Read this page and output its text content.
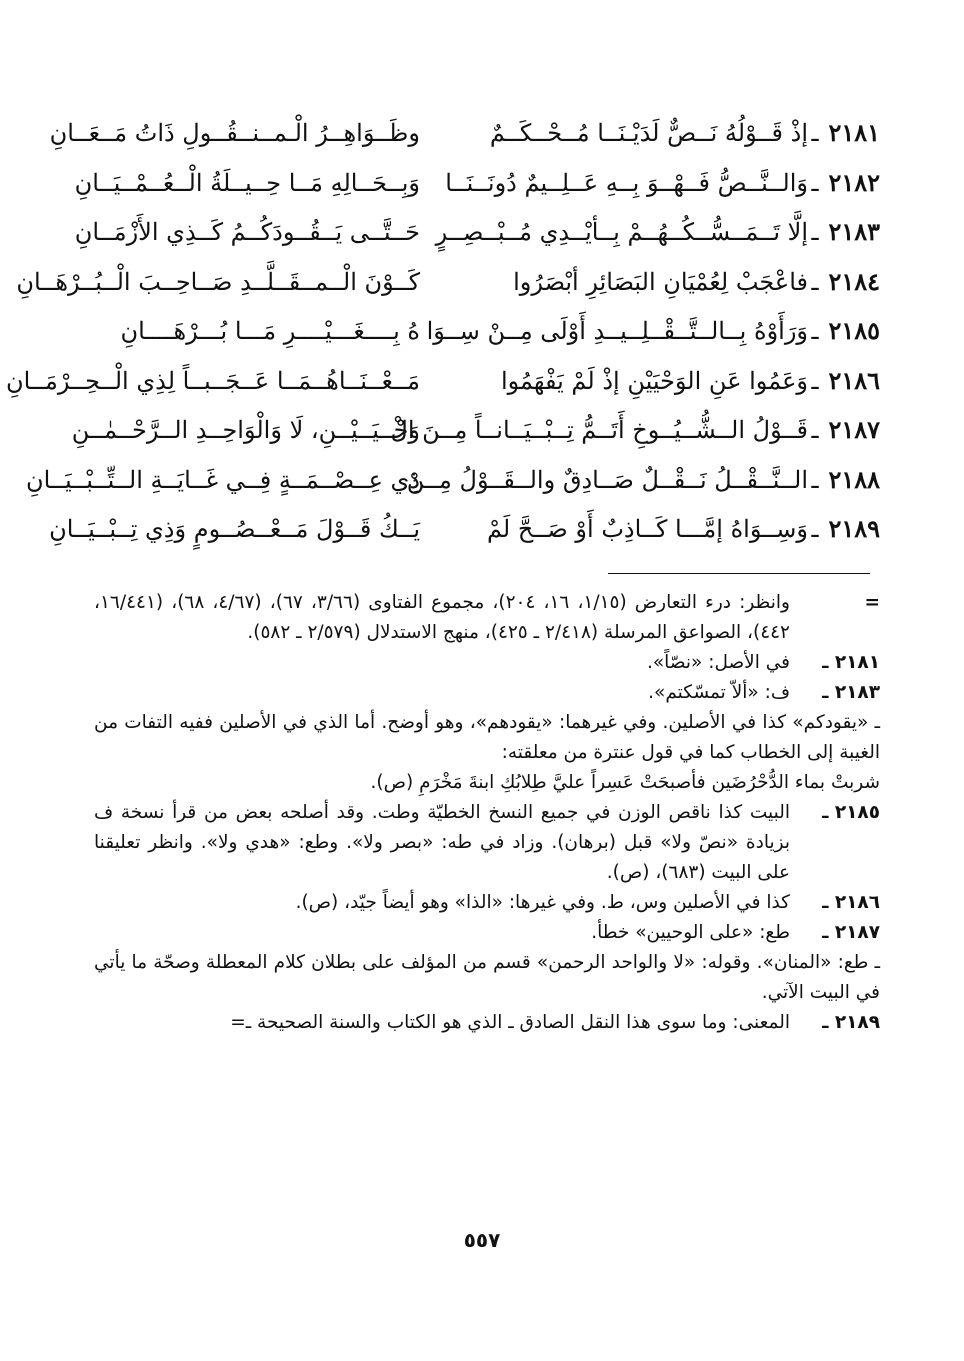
٢١٨١
ـ
إذْ قَــوْلُهُ نَــصٌّ لَدَيْـنَــا مُــحْــكَــمٌ
وظَــوَاهِــرُ الْـمــنــقُــولِ ذَاتُ مَــعَــانِ
٢١٨٢
ـ
وَالــنَّــصُّ فَــهْــوَ بِــهِ عَــلِــيمٌ دُونَــنَــا
وَبِــحَــالِهِ مَــا حِــيــلَةُ الْــعُــمْــيَــانِ
٢١٨٣
ـ
إلَّا تَــمَــسُّــكُــهُــمْ بِــأيْــدِي مُــبْــصِــرٍ
حَــتَّــى يَــقُــودَكُــمُ كَــذِي الأَزْمَــانِ
٢١٨٤
ـ
فاعْجَبْ لِعُمْيَانِ البَصَائِرِ أبْصَرُوا
كَــوْنَ الْــمــقَــلَّــدِ صَــاحِــبَ الْــبُــرْهَــانِ
٢١٨٥
ـ
وَرَأَوْهُ بِــالــتَّــقْــلِــيــدِ أَوْلَى مِــنْ سِــوَا
هُ بِــــغَـــيْــــرِ مَـــا بُـــرْهَــــانِ
٢١٨٦
ـ
وَعَمُوا عَنِ الوَحْيَيْنِ إذْ لَمْ يَفْهَمُوا
مَــعْــنَــاهُــمَــا عَــجَــبــاً لِذِي الْــحِــرْمَــانِ
٢١٨٧
ـ
قَــوْلُ الــشُّــيُــوخِ أَتَــمُّ تِــبْــيَــانــاً مِــنَ الْ
وَحْــيَــيْــنِ، لَا وَالْوَاحِــدِ الــرَّحْــمٰــنِ
٢١٨٨
ـ
الــنَّــقْــلُ نَــقْــلٌ صَــادِقٌ والــقَــوْلُ مِــنْ
ذِي عِــصْــمَــةٍ فِــي غَــايَــةِ الــتِّــبْــيَــانِ
٢١٨٩
ـ
وَسِــوَاهُ إمَّـــا كَــاذِبٌ أَوْ صَــحَّ لَمْ
يَــكُ قَــوْلَ مَــعْــصُــومٍ وَذِي تِــبْــيَــانِ
=
وانظر: درء التعارض (١/١٥، ١٦، ٢٠٤)، مجموع الفتاوى (٣/٦٦، ٦٧)، (٤/٦٧، ٦٨)، (١٦/٤٤١، ٤٤٢)، الصواعق المرسلة (٢/٤١٨ ـ ٤٢٥)، منهج الاستدلال (٢/٥٧٩ ـ ٥٨٢).
٢١٨١ ـ
في الأصل: «نصّاً».
٢١٨٣ ـ
ف: «ألاّ تمسّكتم».
ـ «يقودكم» كذا في الأصلين. وفي غيرهما: «يقودهم»، وهو أوضح. أما الذي في الأصلين ففيه التفات من الغيبة إلى الخطاب كما في قول عنترة من معلقته:
شربتْ بماء الدُّحْرُضَين فأصبحَتْ عَسِراً عليَّ طِلابُكِ ابنةَ مَخْرَمِ (ص).
٢١٨٥ ـ
البيت كذا ناقص الوزن في جميع النسخ الخطيّة وطت. وقد أصلحه بعض من قرأ نسخة ف بزيادة «نصّ ولا» قبل (برهان). وزاد في طه: «بصر ولا». وطع: «هدي ولا». وانظر تعليقنا على البيت (٦٨٣)، (ص).
٢١٨٦ ـ
كذا في الأصلين وس، ط. وفي غيرها: «الذا» وهو أيضاً جيّد، (ص).
٢١٨٧ ـ
طع: «على الوحيين» خطأ.
ـ طع: «المنان». وقوله: «لا والواحد الرحمن» قسم من المؤلف على بطلان كلام المعطلة وصحّة ما يأتي في البيت الآتي.
٢١٨٩ ـ
المعنى: وما سوى هذا النقل الصادق ـ الذي هو الكتاب والسنة الصحيحة ـ=
٥٥٧
